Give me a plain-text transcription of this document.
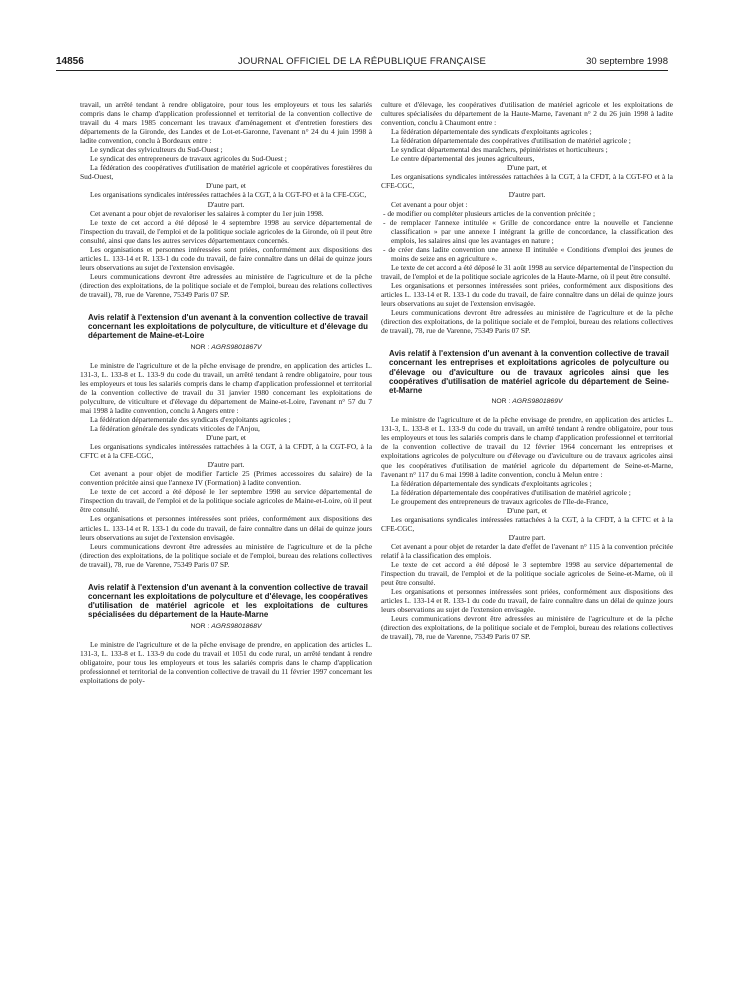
14856	JOURNAL OFFICIEL DE LA RÉPUBLIQUE FRANÇAISE	30 septembre 1998

travail, un arrêté tendant à rendre obligatoire, pour tous les employeurs et tous les salariés compris dans le champ d'application professionnel et territorial de la convention collective de travail du 4 mars 1985 concernant les travaux d'aménagement et d'entretien forestiers des départements de la Gironde, des Landes et de Lot-et-Garonne, l'avenant n° 24 du 4 juin 1998 à ladite convention, conclu à Bordeaux entre :

Le syndicat des sylviculteurs du Sud-Ouest ;

Le syndicat des entrepreneurs de travaux agricoles du Sud-Ouest ;

La fédération des coopératives d'utilisation de matériel agricole et coopératives forestières du Sud-Ouest,

D'une part, et

Les organisations syndicales intéressées rattachées à la CGT, à la CGT-FO et à la CFE-CGC,

D'autre part.

Cet avenant a pour objet de revaloriser les salaires à compter du 1er juin 1998.

Le texte de cet accord a été déposé le 4 septembre 1998 au service départemental de l'inspection du travail, de l'emploi et de la politique sociale agricoles de la Gironde, où il peut être consulté, ainsi que dans les autres services départementaux concernés.

Les organisations et personnes intéressées sont priées, conformément aux dispositions des articles L. 133-14 et R. 133-1 du code du travail, de faire connaître dans un délai de quinze jours leurs observations au sujet de l'extension envisagée.

Leurs communications devront être adressées au ministère de l'agriculture et de la pêche (direction des exploitations, de la politique sociale et de l'emploi, bureau des relations collectives de travail), 78, rue de Varenne, 75349 Paris 07 SP.

Avis relatif à l'extension d'un avenant à la convention collective de travail concernant les exploitations de polyculture, de viticulture et d'élevage du département de Maine-et-Loire
NOR : AGRS9801867V

Le ministre de l'agriculture et de la pêche envisage de prendre, en application des articles L. 131-3, L. 133-8 et L. 133-9 du code du travail, un arrêté tendant à rendre obligatoire, pour tous les employeurs et tous les salariés compris dans le champ d'application professionnel et territorial de la convention collective de travail du 31 janvier 1980 concernant les exploitations de polyculture, de viticulture et d'élevage du département de Maine-et-Loire, l'avenant n° 57 du 7 mai 1998 à ladite convention, conclu à Angers entre :

La fédération départementale des syndicats d'exploitants agricoles ;

La fédération générale des syndicats viticoles de l'Anjou,

D'une part, et

Les organisations syndicales intéressées rattachées à la CGT, à la CFDT, à la CGT-FO, à la CFTC et à la CFE-CGC,

D'autre part.

Cet avenant a pour objet de modifier l'article 25 (Primes accessoires du salaire) de la convention précitée ainsi que l'annexe IV (Formation) à ladite convention.

Le texte de cet accord a été déposé le 1er septembre 1998 au service départemental de l'inspection du travail, de l'emploi et de la politique sociale agricoles de Maine-et-Loire, où il peut être consulté.

Les organisations et personnes intéressées sont priées, conformément aux dispositions des articles L. 133-14 et R. 133-1 du code du travail, de faire connaître dans un délai de quinze jours leurs observations au sujet de l'extension envisagée.

Leurs communications devront être adressées au ministère de l'agriculture et de la pêche (direction des exploitations, de la politique sociale et de l'emploi, bureau des relations collectives de travail), 78, rue de Varenne, 75349 Paris 07 SP.

Avis relatif à l'extension d'un avenant à la convention collective de travail concernant les exploitations de polyculture et d'élevage, les coopératives d'utilisation de matériel agricole et les exploitations de cultures spécialisées du département de la Haute-Marne
NOR : AGRS9801868V

Le ministre de l'agriculture et de la pêche envisage de prendre, en application des articles L. 131-3, L. 133-8 et L. 133-9 du code du travail et 1051 du code rural, un arrêté tendant à rendre obligatoire, pour tous les employeurs et tous les salariés compris dans le champ d'application professionnel et territorial de la convention collective de travail du 11 février 1997 concernant les exploitations de poly-

culture et d'élevage, les coopératives d'utilisation de matériel agricole et les exploitations de cultures spécialisées du département de la Haute-Marne, l'avenant n° 2 du 26 juin 1998 à ladite convention, conclu à Chaumont entre :

La fédération départementale des syndicats d'exploitants agricoles ;

La fédération départementale des coopératives d'utilisation de matériel agricole ;

Le syndicat départemental des maraîchers, pépiniéristes et horticulteurs ;

Le centre départemental des jeunes agriculteurs,

D'une part, et

Les organisations syndicales intéressées rattachées à la CGT, à la CFDT, à la CGT-FO et à la CFE-CGC,

D'autre part.

Cet avenant a pour objet :

- de modifier ou compléter plusieurs articles de la convention précitée ;

- de remplacer l'annexe intitulée « Grille de concordance entre la nouvelle et l'ancienne classification » par une annexe I intégrant la grille de concordance, la classification des emplois, les salaires ainsi que les avantages en nature ;

- de créer dans ladite convention une annexe II intitulée « Conditions d'emploi des jeunes de moins de seize ans en agriculture ».

Le texte de cet accord a été déposé le 31 août 1998 au service départemental de l'inspection du travail, de l'emploi et de la politique sociale agricoles de la Haute-Marne, où il peut être consulté.

Les organisations et personnes intéressées sont priées, conformément aux dispositions des articles L. 133-14 et R. 133-1 du code du travail, de faire connaître dans un délai de quinze jours leurs observations au sujet de l'extension envisagée.

Leurs communications devront être adressées au ministère de l'agriculture et de la pêche (direction des exploitations, de la politique sociale et de l'emploi, bureau des relations collectives de travail), 78, rue de Varenne, 75349 Paris 07 SP.

Avis relatif à l'extension d'un avenant à la convention collective de travail concernant les entreprises et exploitations agricoles de polyculture ou d'élevage ou d'aviculture ou de travaux agricoles ainsi que les coopératives d'utilisation de matériel agricole du département de Seine-et-Marne
NOR : AGRS9801869V

Le ministre de l'agriculture et de la pêche envisage de prendre, en application des articles L. 131-3, L. 133-8 et L. 133-9 du code du travail, un arrêté tendant à rendre obligatoire, pour tous les employeurs et tous les salariés compris dans le champ d'application professionnel et territorial de la convention collective de travail du 12 février 1964 concernant les entreprises et exploitations agricoles de polyculture ou d'élevage ou d'aviculture ou de travaux agricoles ainsi que les coopératives d'utilisation de matériel agricole du département de Seine-et-Marne, l'avenant n° 117 du 6 mai 1998 à ladite convention, conclu à Melun entre :

La fédération départementale des syndicats d'exploitants agricoles ;

La fédération départementale des coopératives d'utilisation de matériel agricole ;

Le groupement des entrepreneurs de travaux agricoles de l'Ile-de-France,

D'une part, et

Les organisations syndicales intéressées rattachées à la CGT, à la CFDT, à la CFTC et à la CFE-CGC,

D'autre part.

Cet avenant a pour objet de retarder la date d'effet de l'avenant n° 115 à la convention précitée relatif à la classification des emplois.

Le texte de cet accord a été déposé le 3 septembre 1998 au service départemental de l'inspection du travail, de l'emploi et de la politique sociale agricoles de Seine-et-Marne, où il peut être consulté.

Les organisations et personnes intéressées sont priées, conformément aux dispositions des articles L. 133-14 et R. 133-1 du code du travail, de faire connaître dans un délai de quinze jours leurs observations au sujet de l'extension envisagée.

Leurs communications devront être adressées au ministère de l'agriculture et de la pêche (direction des exploitations, de la politique sociale et de l'emploi, bureau des relations collectives de travail), 78, rue de Varenne, 75349 Paris 07 SP.
